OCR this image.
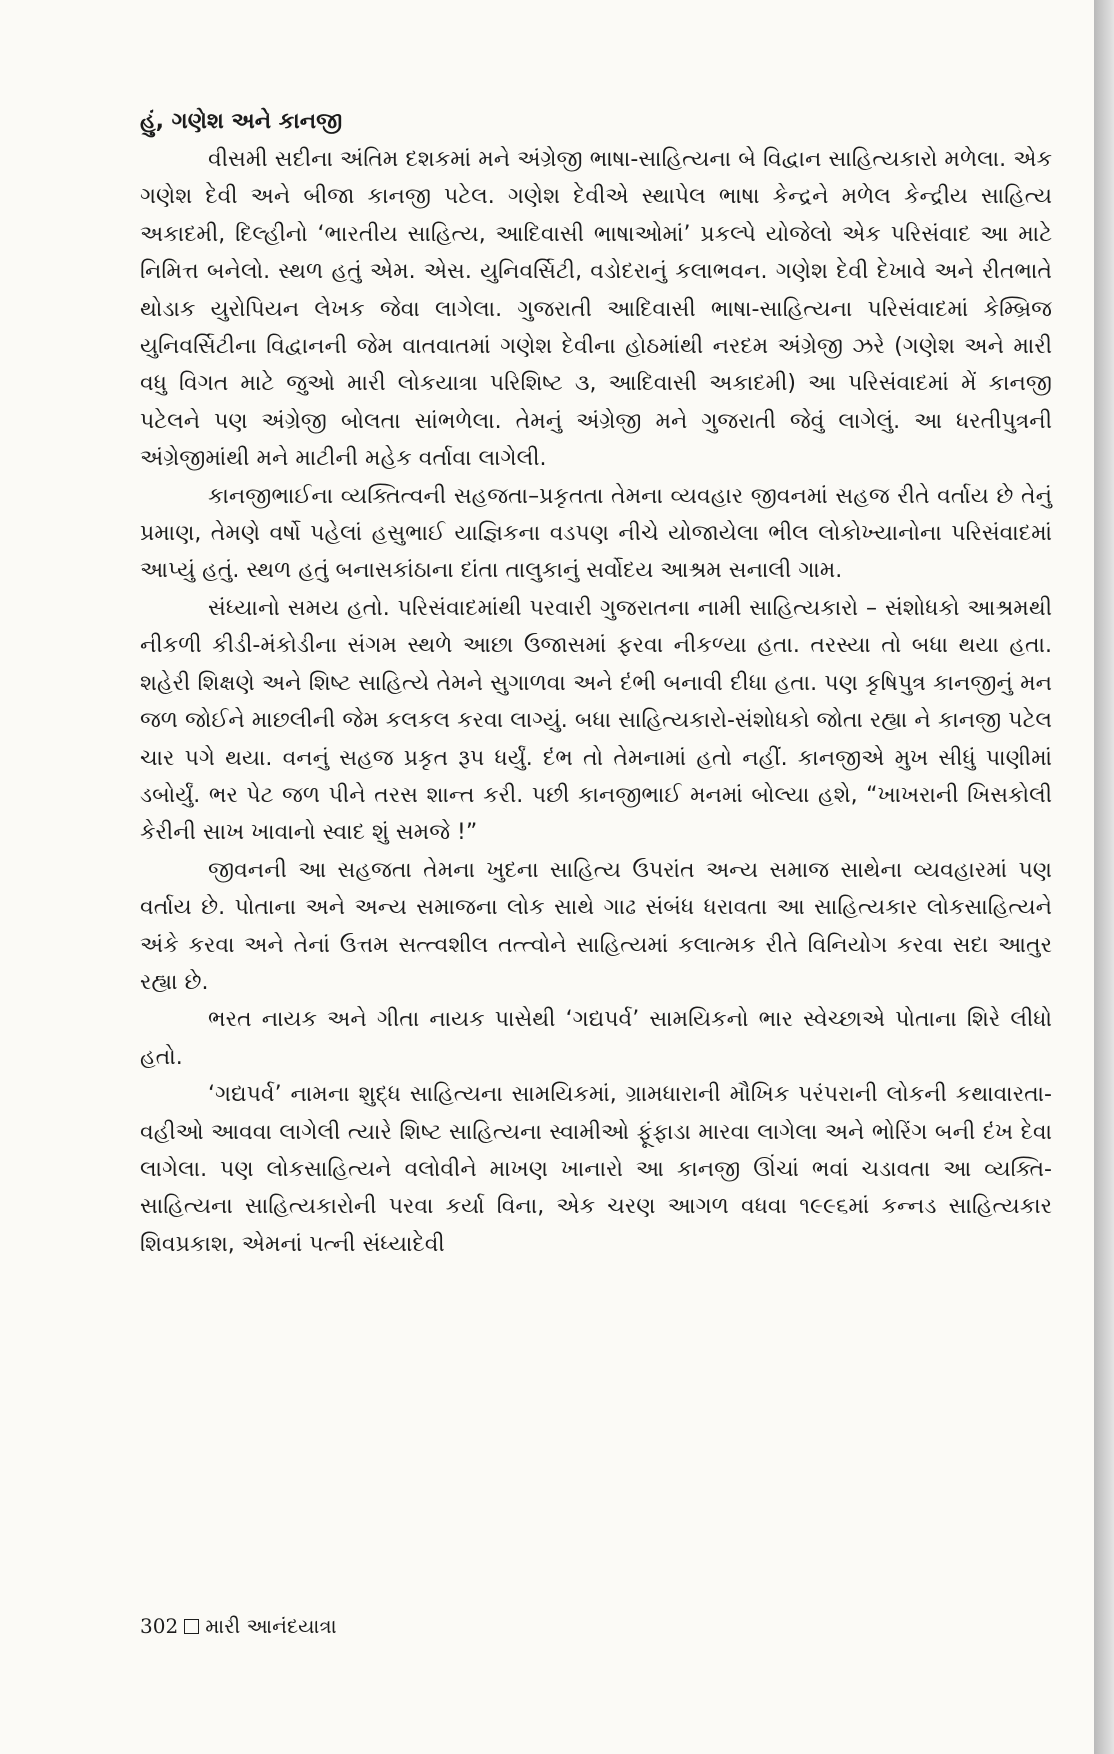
હું, ગણેશ અને કાનજી

વીસમી સદીના અંતિમ દશકમાં મને અંગ્રેજી ભાષા-સાહિત્યના બે વિદ્વાન સાહિત્યકારો મળેલા. એક ગણેશ દેવી અને બીજા કાનજી પટેલ. ગણેશ દેવીએ સ્થાપેલ ભાષા કેન્દ્રને મળેલ કેન્દ્રીય સાહિત્ય અકાદમી, દિલ્હીનો ‘ભારતીય સાહિત્ય, આદિવાસી ભાષાઓમાં’ પ્રકલ્પે યોજેલો એક પરિસંવાદ આ માટે નિમિત્ત બનેલો. સ્થળ હતું એમ. એસ. યુનિવર્સિટી, વડોદરાનું કલાભવન. ગણેશ દેવી દેખાવે અને રીતભાતે થોડાક યુરોપિયન લેખક જેવા લાગેલા. ગુજરાતી આદિવાસી ભાષા-સાહિત્યના પરિસંવાદમાં કેમ્બ્રિજ યુનિવર્સિટીના વિદ્વાનની જેમ વાતવાતમાં ગણેશ દેવીના હોઠમાંથી નરદમ અંગ્રેજી ઝરે (ગણેશ અને મારી વધુ વિગત માટે જુઓ મારી લોકયાત્રા પરિશિષ્ટ ૩, આદિવાસી અકાદમી) આ પરિસંવાદમાં મેં કાનજી પટેલને પણ અંગ્રેજી બોલતા સાંભળેલા. તેમનું અંગ્રેજી મને ગુજરાતી જેવું લાગેલું. આ ધરતીપુત્રની અંગ્રેજીમાંથી મને માટીની મહેક વર્તાવા લાગેલી.

કાનજીભાઈના વ્યક્તિત્વની સહજતા–પ્રકૃતતા તેમના વ્યવહાર જીવનમાં સહજ રીતે વર્તાય છે તેનું પ્રમાણ, તેમણે વર્ષો પહેલાં હસુભાઈ યાજ્ઞિકના વડપણ નીચે યોજાયેલા ભીલ લોકોખ્યાનોના પરિસંવાદમાં આપ્યું હતું. સ્થળ હતું બનાસકાંઠાના દાંતા તાલુકાનું સર્વોદય આશ્રમ સનાલી ગામ.

સંધ્યાનો સમય હતો. પરિસંવાદમાંથી પરવારી ગુજરાતના નામી સાહિત્યકારો – સંશોધકો આશ્રમથી નીકળી કીડી-મંકોડીના સંગમ સ્થળે આછા ઉજાસમાં ફરવા નીકળ્યા હતા. તરસ્યા તો બધા થયા હતા. શહેરી શિક્ષણે અને શિષ્ટ સાહિત્યે તેમને સુગાળવા અને દંભી બનાવી દીધા હતા. પણ કૃષિપુત્ર કાનજીનું મન જળ જોઈને માછલીની જેમ કલકલ કરવા લાગ્યું. બધા સાહિત્યકારો-સંશોધકો જોતા રહ્યા ને કાનજી પટેલ ચાર પગે થયા. વનનું સહજ પ્રકૃત રૂપ ધર્યું. દંભ તો તેમનામાં હતો નહીં. કાનજીએ મુખ સીધું પાણીમાં ડબોર્યું. ભર પેટ જળ પીને તરસ શાન્ત કરી. પછી કાનજીભાઈ મનમાં બોલ્યા હશે, “ખાખરાની ખિસકોલી કેરીની સાખ ખાવાનો સ્વાદ શું સમજે !”

જીવનની આ સહજતા તેમના ખુદના સાહિત્ય ઉપરાંત અન્ય સમાજ સાથેના વ્યવહારમાં પણ વર્તાય છે. પોતાના અને અન્ય સમાજના લોક સાથે ગાઢ સંબંધ ધરાવતા આ સાહિત્યકાર લોકસાહિત્યને અંકે કરવા અને તેનાં ઉત્તમ સત્ત્વશીલ તત્ત્વોને સાહિત્યમાં કલાત્મક રીતે વિનિયોગ કરવા સદા આતુર રહ્યા છે.

ભરત નાયક અને ગીતા નાયક પાસેથી ‘ગદ્યપર્વ’ સામયિકનો ભાર સ્વેચ્છાએ પોતાના શિરે લીધો હતો.

‘ગદ્યપર્વ’ નામના શુદ્ધ સાહિત્યના સામયિકમાં, ગ્રામધારાની મૌખિક પરંપરાની લોકની કથાવારતા-વહીઓ આવવા લાગેલી ત્યારે શિષ્ટ સાહિત્યના સ્વામીઓ ફૂંફાડા મારવા લાગેલા અને ભોરિંગ બની દંખ દેવા લાગેલા. પણ લોકસાહિત્યને વલોવીને માખણ ખાનારો આ કાનજી ઊંચાં ભવાં ચડાવતા આ વ્યક્તિ-સાહિત્યના સાહિત્યકારોની પરવા કર્યા વિના, એક ચરણ આગળ વધવા ૧૯૯૬માં કન્નડ સાહિત્યકાર શિવપ્રકાશ, એમનાં પત્ની સંધ્યાદેવી

302 મારી આનંદયાત્રા
